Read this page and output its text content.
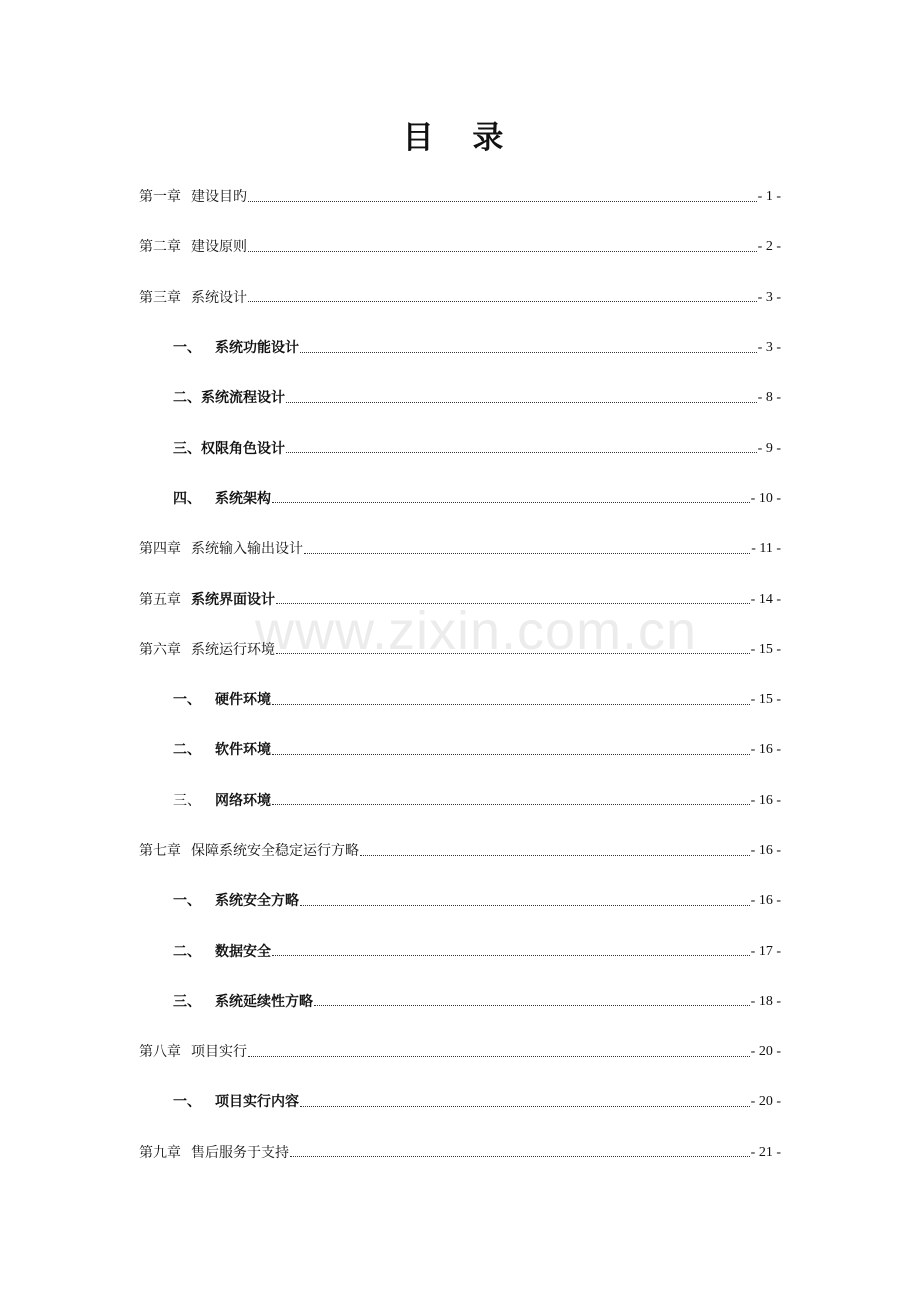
目 录
www.zixin.com.cn
第一章 建设目旳	- 1 -
第二章 建设原则	- 2 -
第三章 系统设计	- 3 -
一、 系统功能设计	- 3 -
二、 系统流程设计	- 8 -
三、 权限角色设计	- 9 -
四、 系统架构	- 10 -
第四章 系统输入输出设计	- 11 -
第五章 系统界面设计	- 14 -
第六章 系统运行环境	- 15 -
一、 硬件环境	- 15 -
二、 软件环境	- 16 -
三、 网络环境	- 16 -
第七章 保障系统安全稳定运行方略	- 16 -
一、 系统安全方略	- 16 -
二、 数据安全	- 17 -
三、 系统延续性方略	- 18 -
第八章 项目实行	- 20 -
一、 项目实行内容	- 20 -
第九章 售后服务于支持	- 21 -
